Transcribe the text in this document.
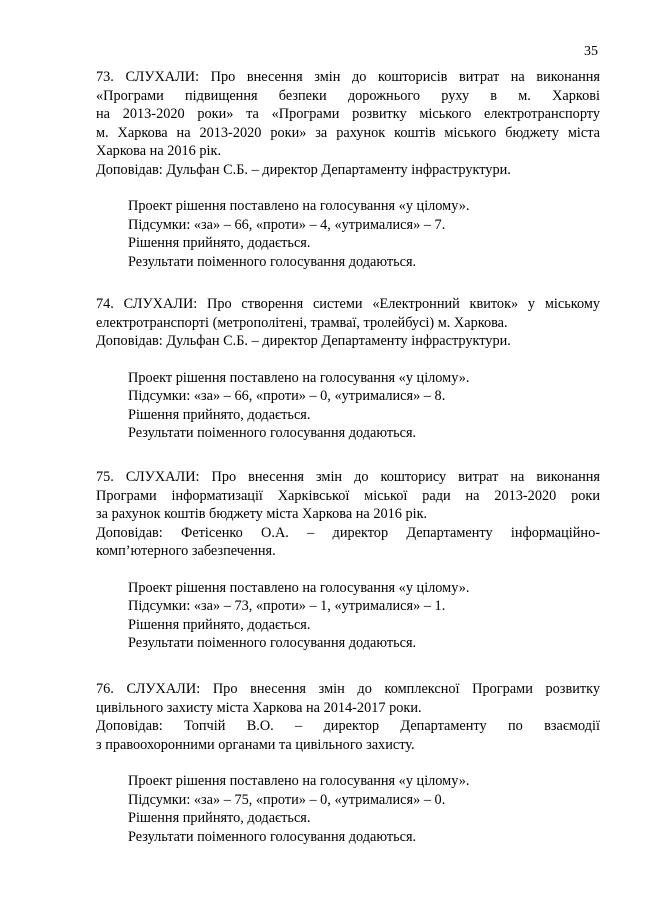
35
73. СЛУХАЛИ: Про внесення змін до кошторисів витрат на виконання
«Програми підвищення безпеки дорожнього руху в м. Харкові
на 2013-2020 роки» та «Програми розвитку міського електротранспорту
м. Харкова на 2013-2020 роки» за рахунок коштів міського бюджету міста
Харкова на 2016 рік.
Доповідав: Дульфан С.Б. – директор Департаменту інфраструктури.
Проект рішення поставлено на голосування «у цілому».
Підсумки: «за» – 66, «проти» – 4, «утрималися» – 7.
Рішення прийнято, додається.
Результати поіменного голосування додаються.
74. СЛУХАЛИ: Про створення системи «Електронний квиток» у міському
електротранспорті (метрополітені, трамваї, тролейбусі) м. Харкова.
Доповідав: Дульфан С.Б. – директор Департаменту інфраструктури.
Проект рішення поставлено на голосування «у цілому».
Підсумки: «за» – 66, «проти» – 0, «утрималися» – 8.
Рішення прийнято, додається.
Результати поіменного голосування додаються.
75. СЛУХАЛИ: Про внесення змін до кошторису витрат на виконання
Програми інформатизації Харківської міської ради на 2013-2020 роки
за рахунок коштів бюджету міста Харкова на 2016 рік.
Доповідав: Фетісенко О.А. – директор Департаменту інформаційно-
комп’ютерного забезпечення.
Проект рішення поставлено на голосування «у цілому».
Підсумки: «за» – 73, «проти» – 1, «утрималися» – 1.
Рішення прийнято, додається.
Результати поіменного голосування додаються.
76. СЛУХАЛИ: Про внесення змін до комплексної Програми розвитку
цивільного захисту міста Харкова на 2014-2017 роки.
Доповідав: Топчій В.О. – директор Департаменту по взаємодії
з правоохоронними органами та цивільного захисту.
Проект рішення поставлено на голосування «у цілому».
Підсумки: «за» – 75, «проти» – 0, «утрималися» – 0.
Рішення прийнято, додається.
Результати поіменного голосування додаються.
